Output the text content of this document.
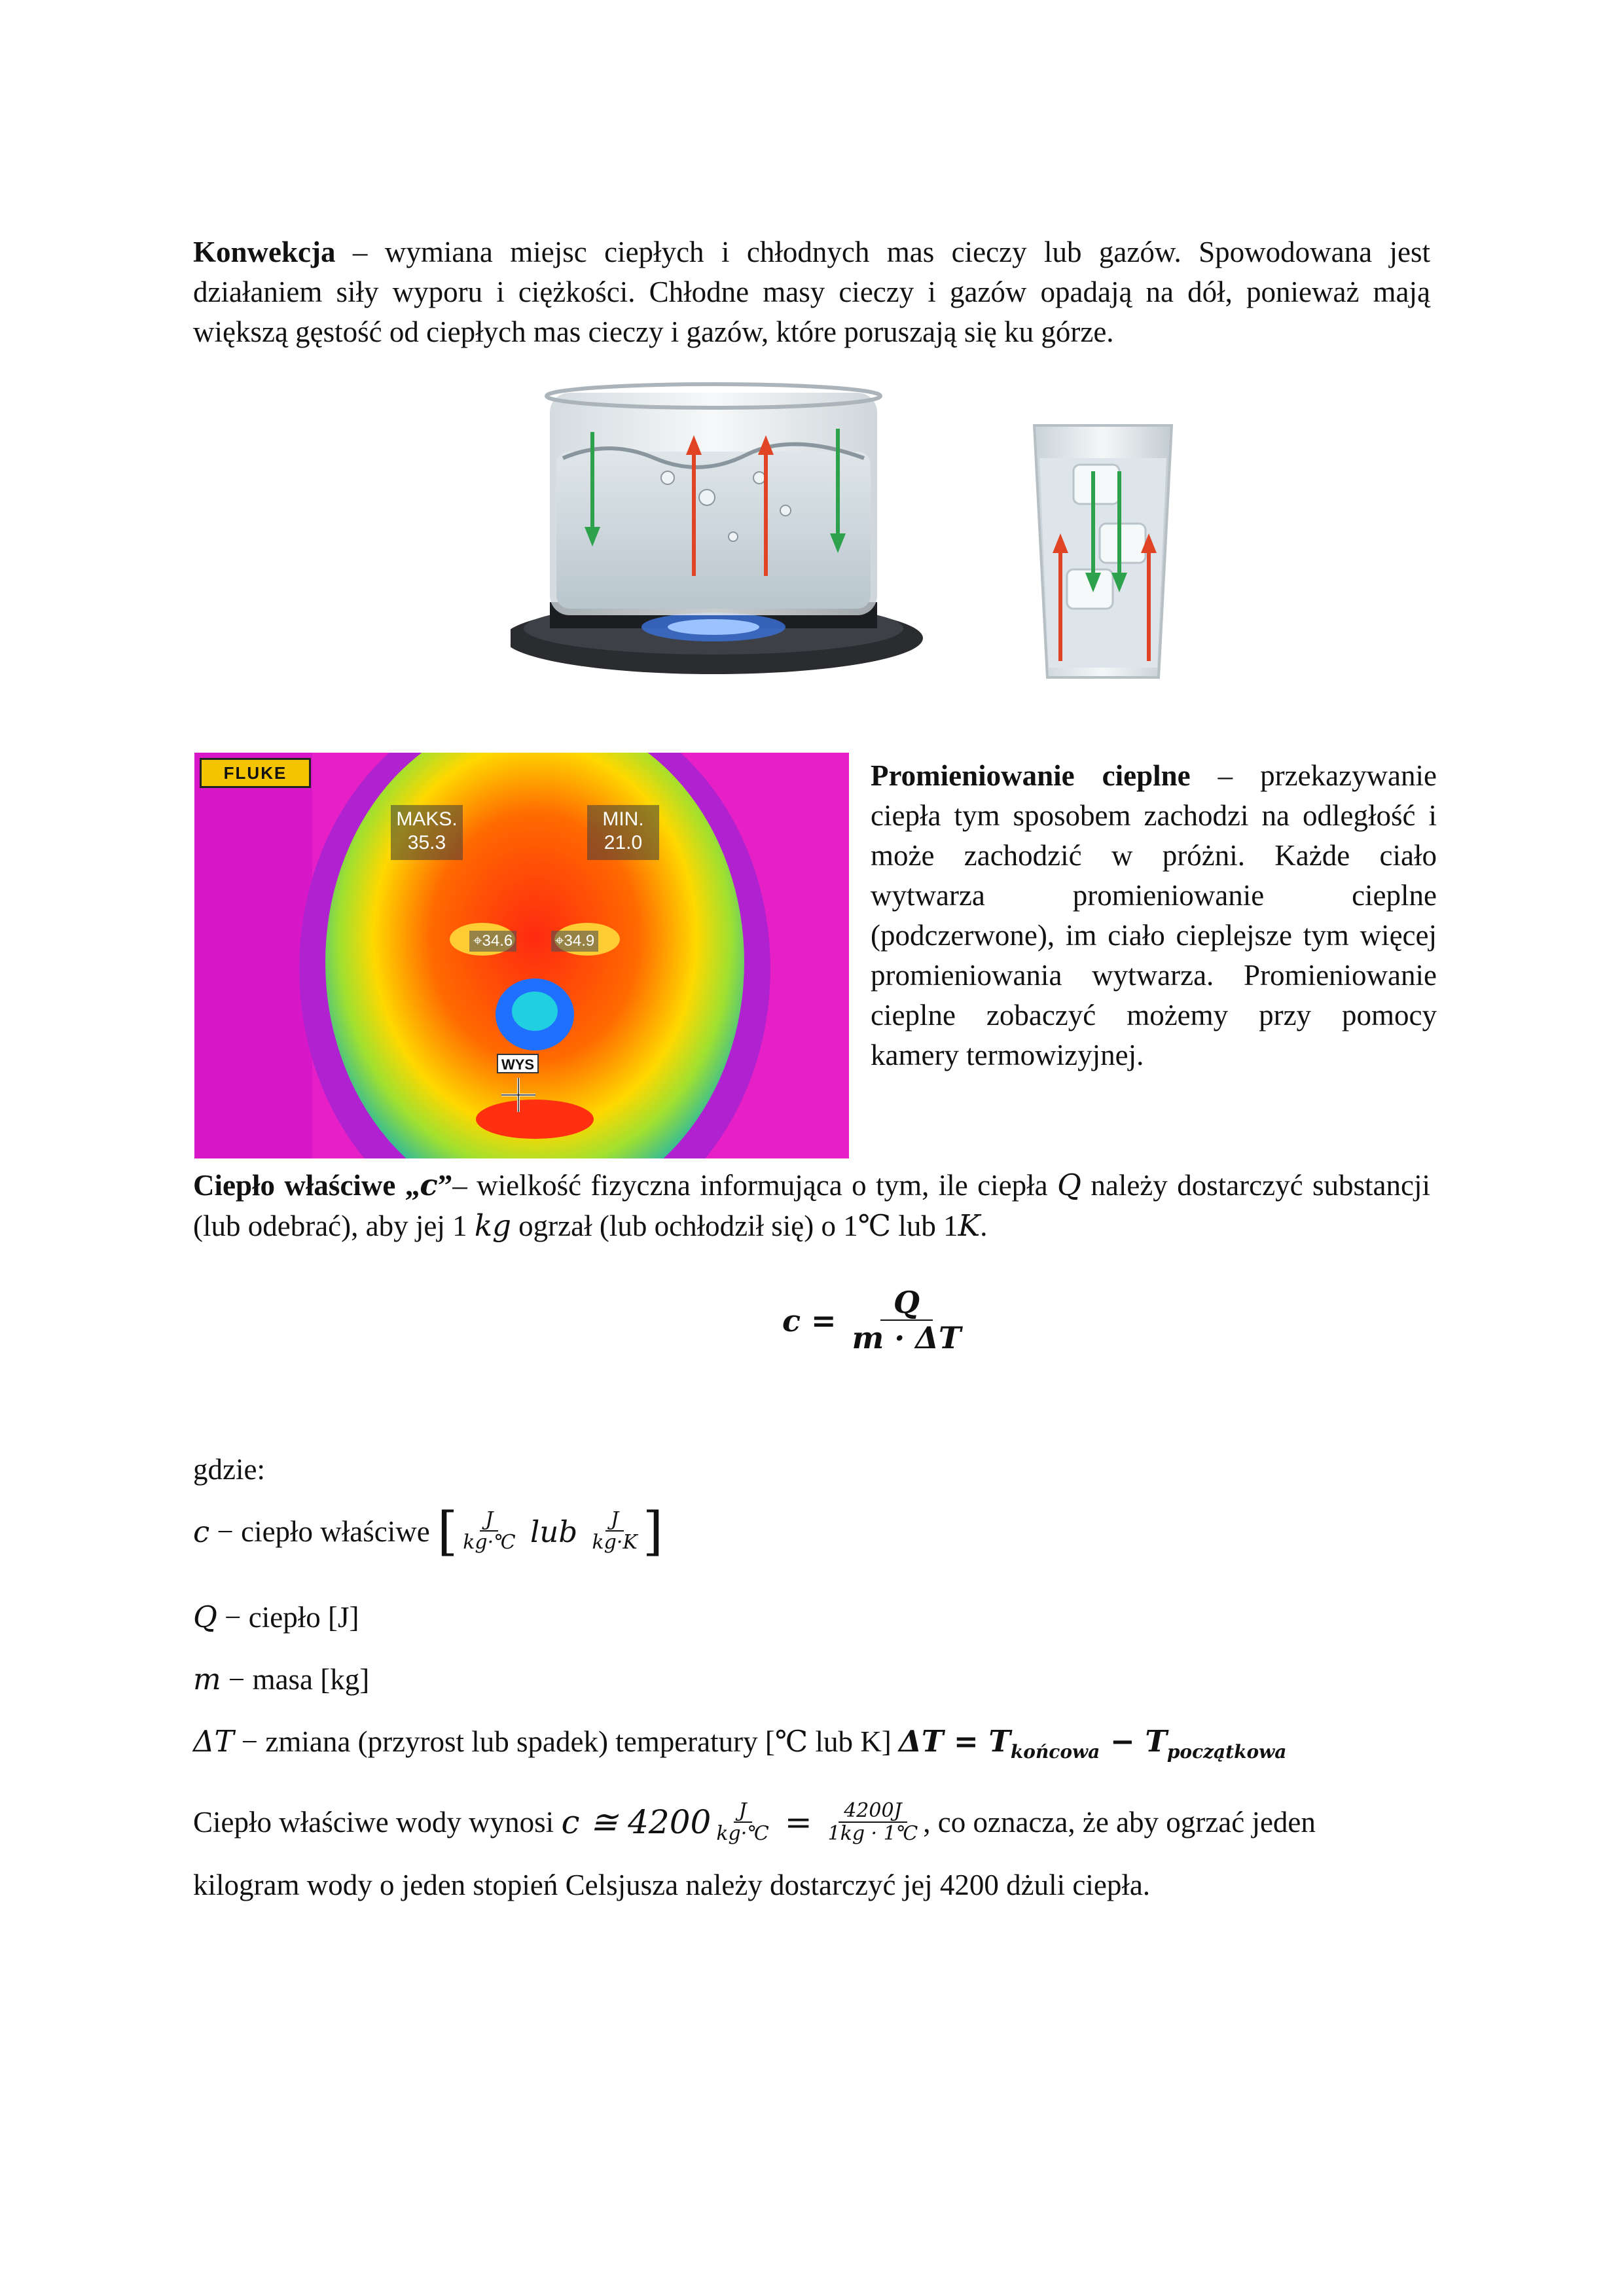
Konwekcja – wymiana miejsc ciepłych i chłodnych mas cieczy lub gazów. Spowodowana jest działaniem siły wyporu i ciężkości. Chłodne masy cieczy i gazów opadają na dół, ponieważ mają większą gęstość od ciepłych mas cieczy i gazów, które poruszają się ku górze.
FLUKE
MAKS.
35.3
MIN.
21.0
⌖34.6	⌖34.9
WYS
Promieniowanie cieplne – przekazywanie ciepła tym sposobem zachodzi na odległość i może zachodzić w próżni. Każde ciało wytwarza promieniowanie cieplne (podczerwone), im ciało cieplejsze tym więcej promieniowania wytwarza. Promieniowanie cieplne zobaczyć możemy przy pomocy kamery termowizyjnej.
Ciepło właściwe „c”– wielkość fizyczna informująca o tym, ile ciepła Q należy dostarczyć substancji (lub odebrać), aby jej 1 kg ogrzał (lub ochłodził się) o 1℃ lub 1K.
$c = \frac{Q}{m \cdot \Delta T}$
gdzie:
c − ciepło właściwe [ $\frac{J}{kg\cdot℃}$ lub $\frac{J}{kg\cdot K}$ ]
Q − ciepło [J]
m − masa [kg]
ΔT − zmiana (przyrost lub spadek) temperatury [℃ lub K] $\Delta T = T_{końcowa} - T_{początkowa}$
Ciepło właściwe wody wynosi c ≅ $4200 \frac{J}{kg\cdot℃} = \frac{4200J}{1kg \cdot 1℃}$ , co oznacza, że aby ogrzać jeden
kilogram wody o jeden stopień Celsjusza należy dostarczyć jej 4200 dżuli ciepła.
